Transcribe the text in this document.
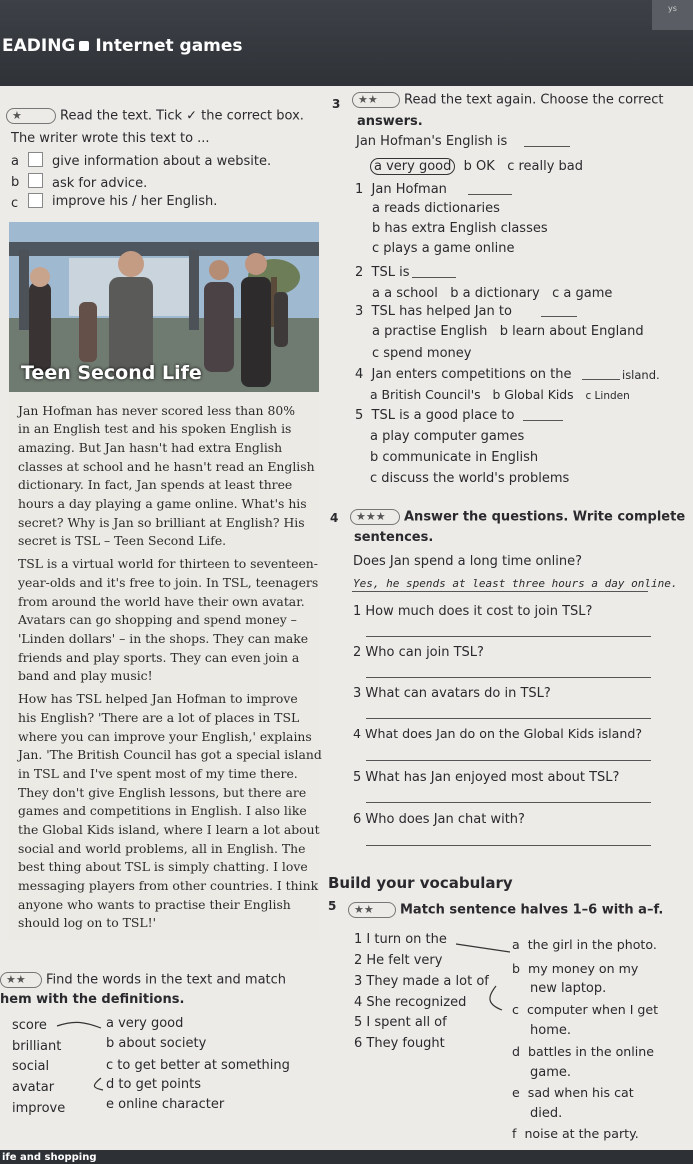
EADING Internet games
ys
★	Read the text. Tick ✓ the correct box.
The writer wrote this text to ...
a	give information about a website.
b	ask for advice.
c	improve his / her English.
Teen Second Life
Jan Hofman has never scored less than 80%
in an English test and his spoken English is
amazing. But Jan hasn't had extra English
classes at school and he hasn't read an English
dictionary. In fact, Jan spends at least three
hours a day playing a game online. What's his
secret? Why is Jan so brilliant at English? His
secret is TSL – Teen Second Life.
TSL is a virtual world for thirteen to seventeen-
year-olds and it's free to join. In TSL, teenagers
from around the world have their own avatar.
Avatars can go shopping and spend money –
'Linden dollars' – in the shops. They can make
friends and play sports. They can even join a
band and play music!
How has TSL helped Jan Hofman to improve
his English? 'There are a lot of places in TSL
where you can improve your English,' explains
Jan. 'The British Council has got a special island
in TSL and I've spent most of my time there.
They don't give English lessons, but there are
games and competitions in English. I also like
the Global Kids island, where I learn a lot about
social and world problems, all in English. The
best thing about TSL is simply chatting. I love
messaging players from other countries. I think
anyone who wants to practise their English
should log on to TSL!'
★★ Find the words in the text and match
hem with the definitions.
score
brilliant
social
avatar
improve
a very good
b about society
c to get better at something
d to get points
e online character
3	★★ Read the text again. Choose the correct
answers.
Jan Hofman's English is
a very good b OK c really bad
1 Jan Hofman
a reads dictionaries
b has extra English classes
c plays a game online
2 TSL is
a a school b a dictionary c a game
3 TSL has helped Jan to
a practise English b learn about England
c spend money
4 Jan enters competitions on the	island.
a British Council's b Global Kids c Linden
5 TSL is a good place to
a play computer games
b communicate in English
c discuss the world's problems
4	★★★ Answer the questions. Write complete
sentences.
Does Jan spend a long time online?
Yes, he spends at least three hours a day online.
1 How much does it cost to join TSL?
2 Who can join TSL?
3 What can avatars do in TSL?
4 What does Jan do on the Global Kids island?
5 What has Jan enjoyed most about TSL?
6 Who does Jan chat with?
Build your vocabulary
5	★★ Match sentence halves 1–6 with a–f.
1 I turn on the
2 He felt very
3 They made a lot of
4 She recognized
5 I spent all of
6 They fought
a the girl in the photo.
b my money on my
new laptop.
c computer when I get
home.
d battles in the online
game.
e sad when his cat
died.
f noise at the party.
ife and shopping
